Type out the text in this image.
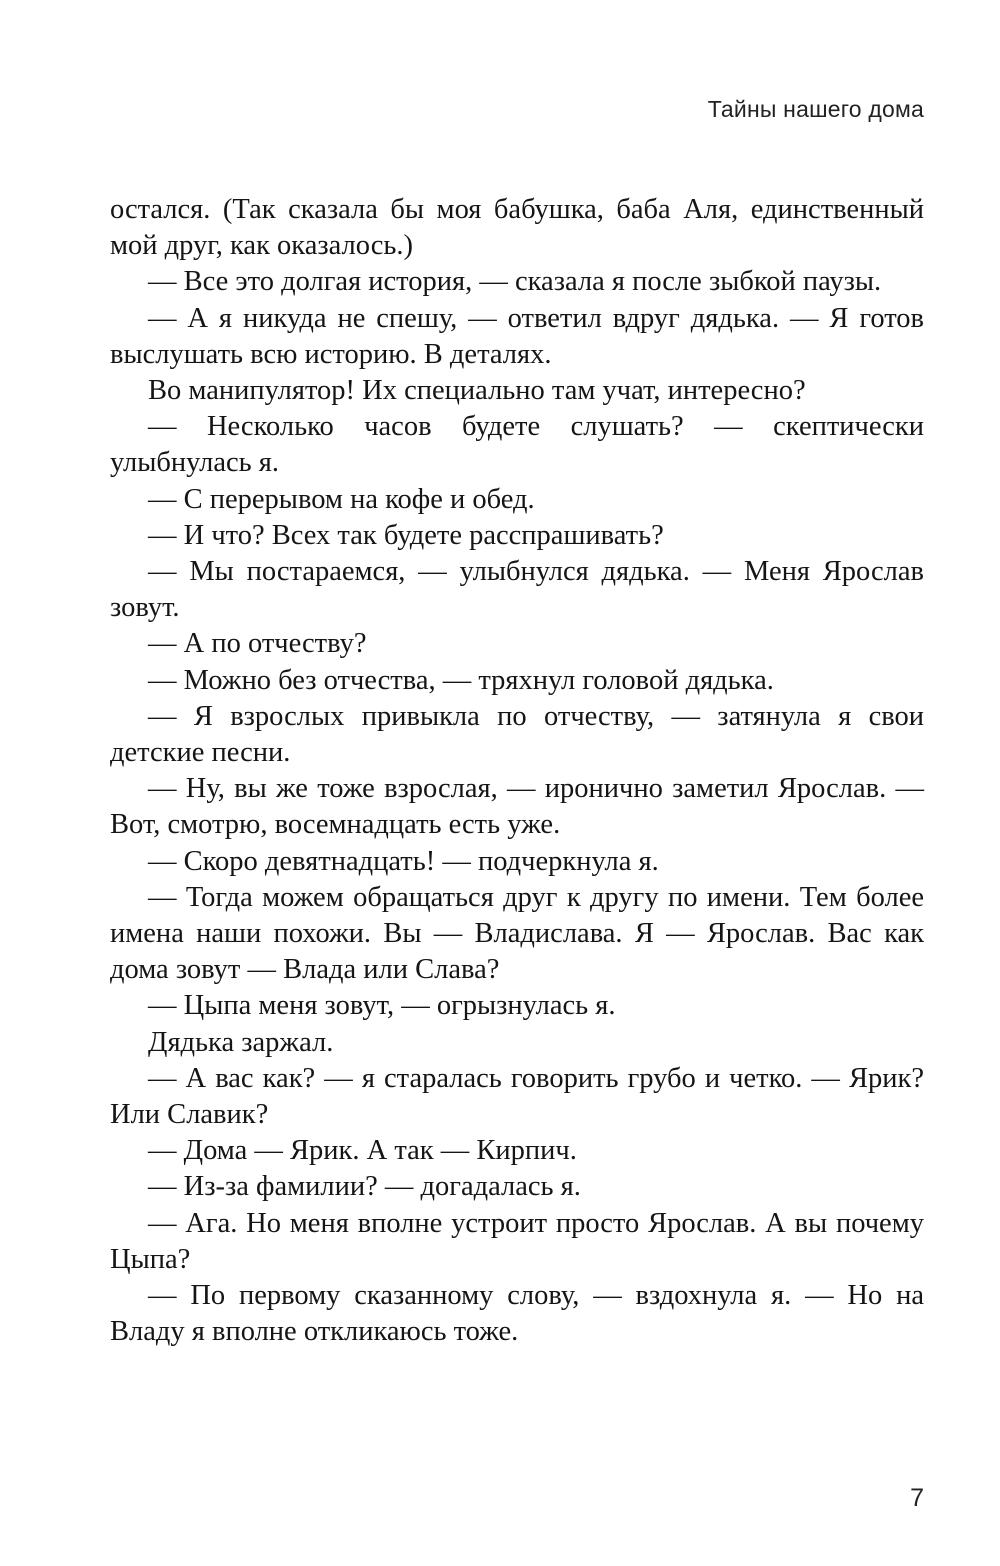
Тайны нашего дома

остался. (Так сказала бы моя бабушка, баба Аля, единственный мой друг, как оказалось.)

— Все это долгая история, — сказала я после зыбкой паузы.

— А я никуда не спешу, — ответил вдруг дядька. — Я готов выслушать всю историю. В деталях.

Во манипулятор! Их специально там учат, интересно?

— Несколько часов будете слушать? — скептически улыбнулась я.

— С перерывом на кофе и обед.

— И что? Всех так будете расспрашивать?

— Мы постараемся, — улыбнулся дядька. — Меня Ярослав зовут.

— А по отчеству?

— Можно без отчества, — тряхнул головой дядька.

— Я взрослых привыкла по отчеству, — затянула я свои детские песни.

— Ну, вы же тоже взрослая, — иронично заметил Ярослав. — Вот, смотрю, восемнадцать есть уже.

— Скоро девятнадцать! — подчеркнула я.

— Тогда можем обращаться друг к другу по имени. Тем более имена наши похожи. Вы — Владислава. Я — Ярослав. Вас как дома зовут — Влада или Слава?

— Цыпа меня зовут, — огрызнулась я.

Дядька заржал.

— А вас как? — я старалась говорить грубо и четко. — Ярик? Или Славик?

— Дома — Ярик. А так — Кирпич.

— Из-за фамилии? — догадалась я.

— Ага. Но меня вполне устроит просто Ярослав. А вы почему Цыпа?

— По первому сказанному слову, — вздохнула я. — Но на Владу я вполне откликаюсь тоже.

7
